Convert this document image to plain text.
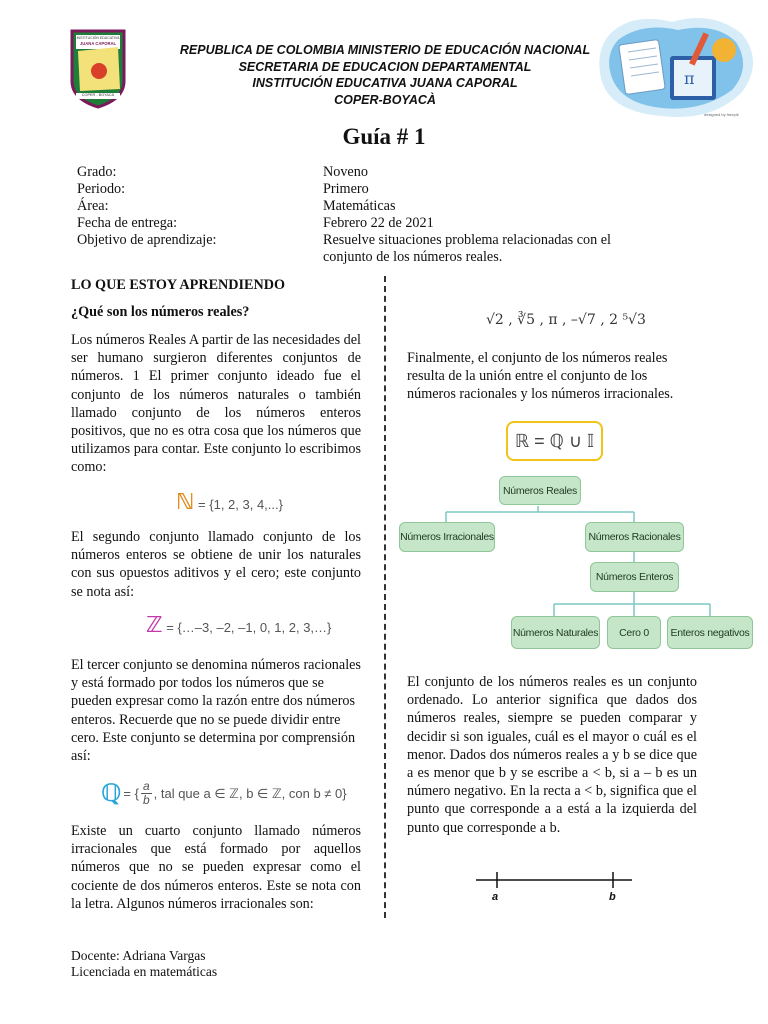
INSTITUCIÓN EDUCATIVA
JUANA CAPORAL
COPER - BOYACÁ
REPUBLICA DE COLOMBIA MINISTERIO DE EDUCACIÓN NACIONAL
SECRETARIA DE EDUCACION DEPARTAMENTAL
INSTITUCIÓN EDUCATIVA JUANA CAPORAL
COPER-BOYACÀ
π
designed by freepik
Guía # 1
Grado:	Noveno
Periodo:	Primero
Área:	Matemáticas
Fecha de entrega:	Febrero 22 de 2021
Objetivo de aprendizaje:	Resuelve situaciones problema relacionadas con el conjunto de los números reales.
LO QUE ESTOY APRENDIENDO
¿Qué son los números reales?
Los números Reales A partir de las necesidades del ser humano surgieron diferentes conjuntos de números. 1 El primer conjunto ideado fue el conjunto de los números naturales o también llamado conjunto de los números enteros positivos, que no es otra cosa que los números que utilizamos para contar. Este conjunto lo escribimos como:
ℕ = {1, 2, 3, 4,...}
El segundo conjunto llamado conjunto de los números enteros se obtiene de unir los naturales con sus opuestos aditivos y el cero; este conjunto se nota así:
ℤ = {…–3, –2, –1, 0, 1, 2, 3,…}
El tercer conjunto se denomina números racionales y está formado por todos los números que se pueden expresar como la razón entre dos números enteros. Recuerde que no se puede dividir entre cero. Este conjunto se determina por comprensión así:
ℚ = { $\frac{a}{b}$ , tal que a ∈ ℤ, b ∈ ℤ, con b ≠ 0}
Existe un cuarto conjunto llamado números irracionales que está formado por aquellos números que no se pueden expresar como el cociente de dos números enteros. Este se nota con la letra. Algunos números irracionales son:
√2 , ∛5 , π , –√7 , 2 ⁵√3
Finalmente, el conjunto de los números reales resulta de la unión entre el conjunto de los números racionales y los números irracionales.
ℝ = ℚ ∪ 𝕀
Números Reales
Números Irracionales	Números Racionales
Números Enteros
Números Naturales	Cero 0	Enteros negativos
El conjunto de los números reales es un conjunto ordenado. Lo anterior significa que dados dos números reales, siempre se pueden comparar y decidir si son iguales, cuál es el mayor o cuál es el menor. Dados dos números reales a y b se dice que a es menor que b y se escribe a < b, si a – b es un número negativo. En la recta a < b, significa que el punto que corresponde a a está a la izquierda del punto que corresponde a b.
a	b
Docente: Adriana Vargas
Licenciada en matemáticas
